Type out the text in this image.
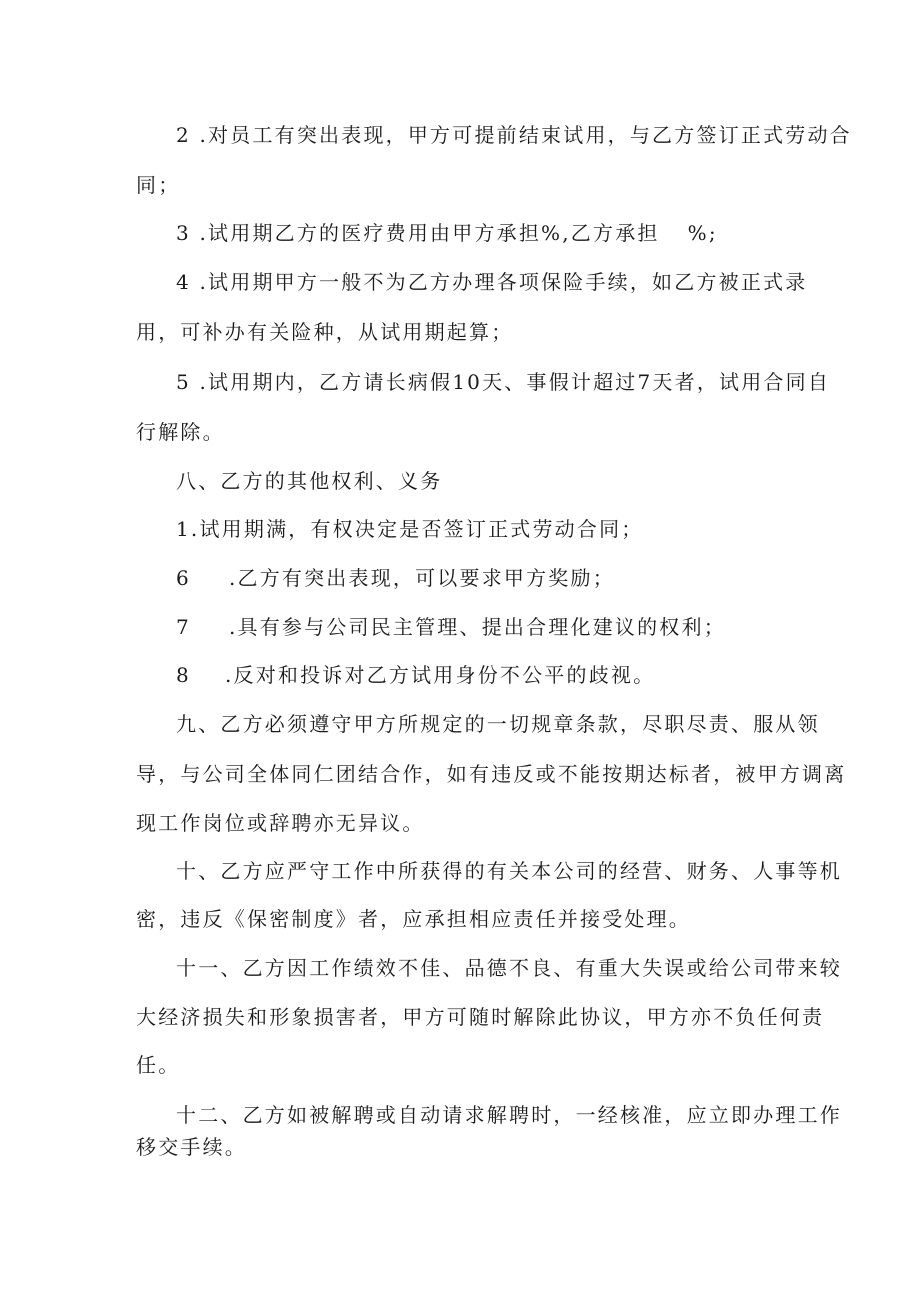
2 .对员工有突出表现，甲方可提前结束试用，与乙方签订正式劳动合
同；
3 .试用期乙方的医疗费用由甲方承担%,乙方承担 %;
4 .试用期甲方一般不为乙方办理各项保险手续，如乙方被正式录
用，可补办有关险种，从试用期起算；
5 .试用期内，乙方请长病假10天、事假计超过7天者，试用合同自
行解除。
八、乙方的其他权利、义务
1.试用期满，有权决定是否签订正式劳动合同；
6 .乙方有突出表现，可以要求甲方奖励；
7 .具有参与公司民主管理、提出合理化建议的权利；
8 .反对和投诉对乙方试用身份不公平的歧视。
九、乙方必须遵守甲方所规定的一切规章条款，尽职尽责、服从领
导，与公司全体同仁团结合作，如有违反或不能按期达标者，被甲方调离
现工作岗位或辞聘亦无异议。
十、乙方应严守工作中所获得的有关本公司的经营、财务、人事等机
密，违反《保密制度》者，应承担相应责任并接受处理。
十一、乙方因工作绩效不佳、品德不良、有重大失误或给公司带来较
大经济损失和形象损害者，甲方可随时解除此协议，甲方亦不负任何责
任。
十二、乙方如被解聘或自动请求解聘时，一经核准，应立即办理工作
移交手续。
